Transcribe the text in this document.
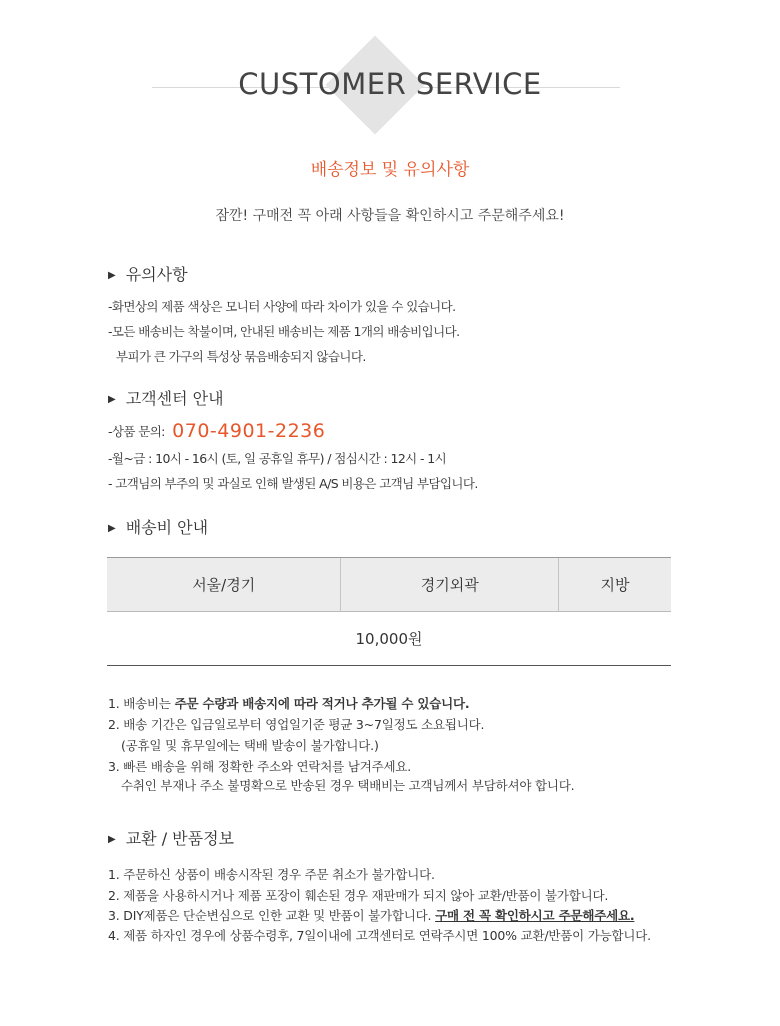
CUSTOMER SERVICE
배송정보 및 유의사항
잠깐! 구매전 꼭 아래 사항들을 확인하시고 주문해주세요!
▶ 유의사항
-화면상의 제품 색상은 모니터 사양에 따라 차이가 있을 수 있습니다.
-모든 배송비는 착불이며, 안내된 배송비는 제품 1개의 배송비입니다.
부피가 큰 가구의 특성상 묶음배송되지 않습니다.
▶ 고객센터 안내
-상품 문의: 070-4901-2236
-월~금 : 10시 - 16시 (토, 일 공휴일 휴무) / 점심시간 : 12시 - 1시
- 고객님의 부주의 및 과실로 인해 발생된 A/S 비용은 고객님 부담입니다.
▶ 배송비 안내
서울/경기	경기외곽	지방
10,000원
1. 배송비는 주문 수량과 배송지에 따라 적거나 추가될 수 있습니다.
2. 배송 기간은 입금일로부터 영업일기준 평균 3~7일정도 소요됩니다.
(공휴일 및 휴무일에는 택배 발송이 불가합니다.)
3. 빠른 배송을 위해 정확한 주소와 연락처를 남겨주세요.
수취인 부재나 주소 불명확으로 반송된 경우 택배비는 고객님께서 부담하셔야 합니다.
▶ 교환 / 반품정보
1. 주문하신 상품이 배송시작된 경우 주문 취소가 불가합니다.
2. 제품을 사용하시거나 제품 포장이 훼손된 경우 재판매가 되지 않아 교환/반품이 불가합니다.
3. DIY제품은 단순변심으로 인한 교환 및 반품이 불가합니다. 구매 전 꼭 확인하시고 주문해주세요.
4. 제품 하자인 경우에 상품수령후, 7일이내에 고객센터로 연락주시면 100% 교환/반품이 가능합니다.
